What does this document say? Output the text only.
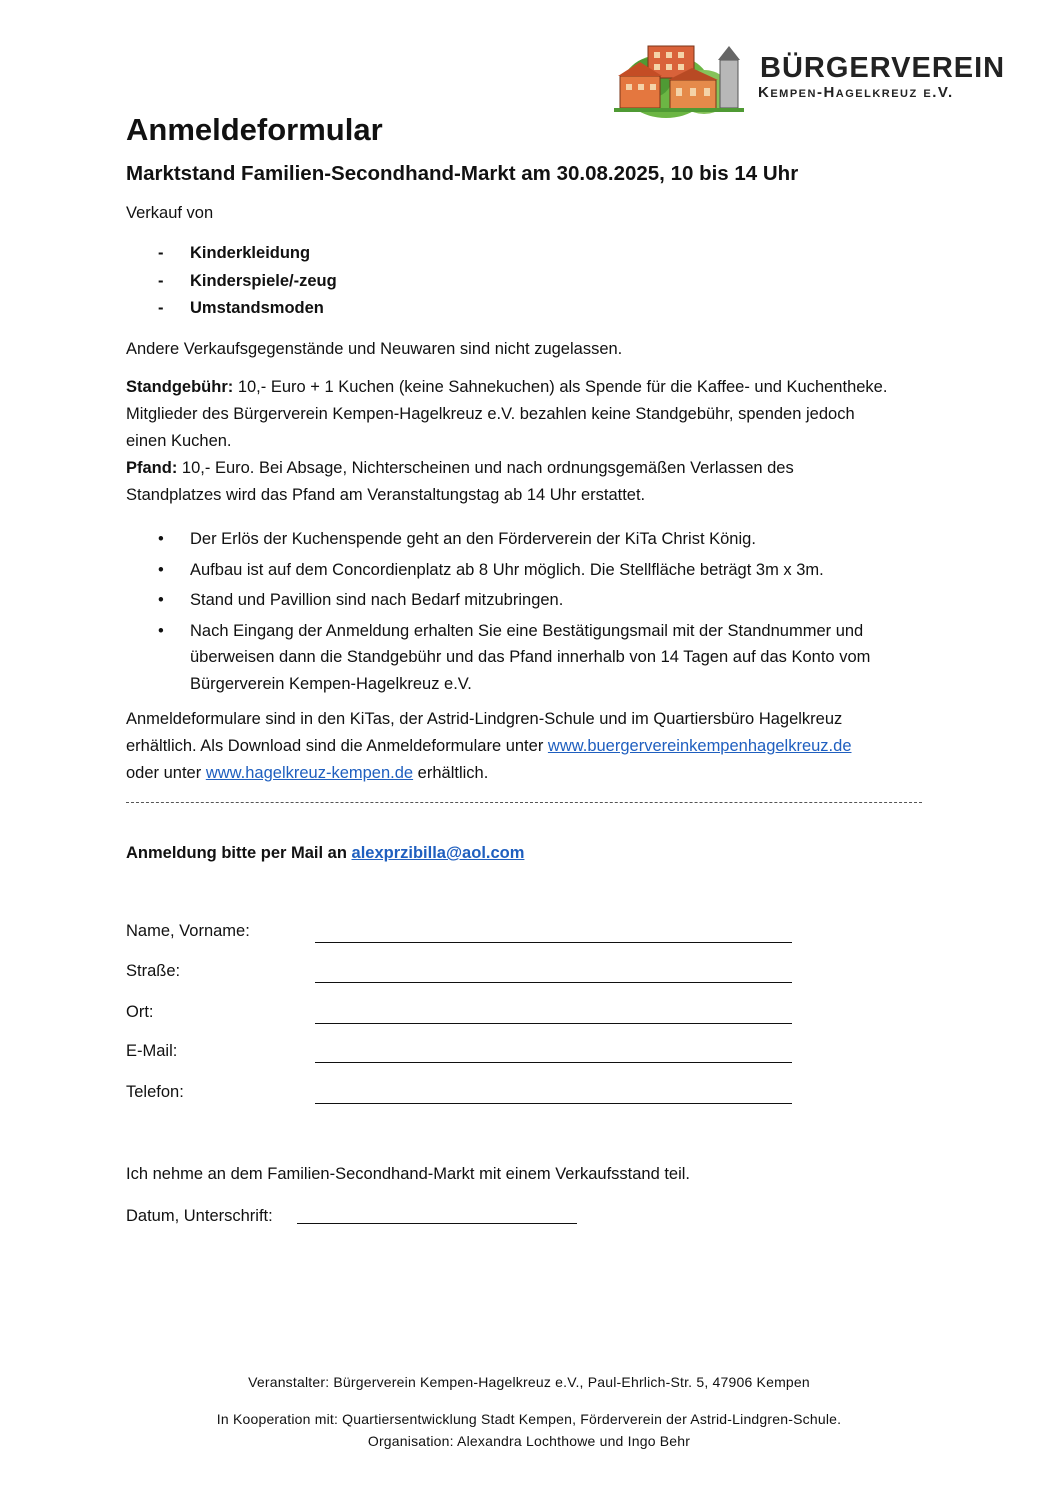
BÜRGERVEREIN
Kempen-Hagelkreuz e.V.
Anmeldeformular
Marktstand Familien-Secondhand-Markt am 30.08.2025, 10 bis 14 Uhr
Verkauf von
- Kinderkleidung
- Kinderspiele/-zeug
- Umstandsmoden
Andere Verkaufsgegenstände und Neuwaren sind nicht zugelassen.
Standgebühr: 10,- Euro + 1 Kuchen (keine Sahnekuchen) als Spende für die Kaffee- und Kuchentheke.
Mitglieder des Bürgerverein Kempen-Hagelkreuz e.V. bezahlen keine Standgebühr, spenden jedoch
einen Kuchen.
Pfand: 10,- Euro. Bei Absage, Nichterscheinen und nach ordnungsgemäßen Verlassen des
Standplatzes wird das Pfand am Veranstaltungstag ab 14 Uhr erstattet.
• Der Erlös der Kuchenspende geht an den Förderverein der KiTa Christ König.
• Aufbau ist auf dem Concordienplatz ab 8 Uhr möglich. Die Stellfläche beträgt 3m x 3m.
• Stand und Pavillion sind nach Bedarf mitzubringen.
• Nach Eingang der Anmeldung erhalten Sie eine Bestätigungsmail mit der Standnummer und überweisen dann die Standgebühr und das Pfand innerhalb von 14 Tagen auf das Konto vom Bürgerverein Kempen-Hagelkreuz e.V.
Anmeldeformulare sind in den KiTas, der Astrid-Lindgren-Schule und im Quartiersbüro Hagelkreuz
erhältlich. Als Download sind die Anmeldeformulare unter www.buergervereinkempenhagelkreuz.de
oder unter www.hagelkreuz-kempen.de erhältlich.
Anmeldung bitte per Mail an alexprzibilla@aol.com
Name, Vorname:
Straße:
Ort:
E-Mail:
Telefon:
Ich nehme an dem Familien-Secondhand-Markt mit einem Verkaufsstand teil.
Datum, Unterschrift:
Veranstalter: Bürgerverein Kempen-Hagelkreuz e.V., Paul-Ehrlich-Str. 5, 47906 Kempen
In Kooperation mit: Quartiersentwicklung Stadt Kempen, Förderverein der Astrid-Lindgren-Schule.
Organisation: Alexandra Lochthowe und Ingo Behr
